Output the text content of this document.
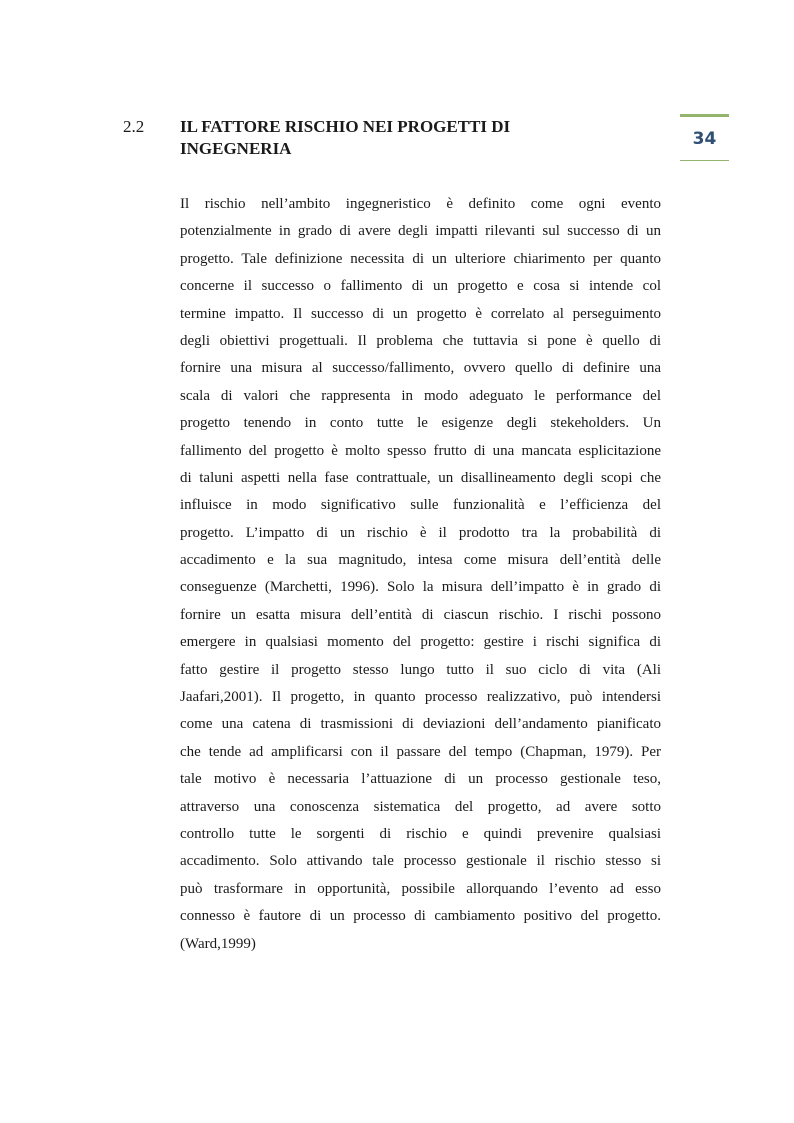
2.2 IL FATTORE RISCHIO NEI PROGETTI DI
INGEGNERIA	34
Il rischio nell’ambito ingegneristico è definito come ogni evento
potenzialmente in grado di avere degli impatti rilevanti sul successo di un
progetto. Tale definizione necessita di un ulteriore chiarimento per quanto
concerne il successo o fallimento di un progetto e cosa si intende col
termine impatto. Il successo di un progetto è correlato al perseguimento
degli obiettivi progettuali. Il problema che tuttavia si pone è quello di
fornire una misura al successo/fallimento, ovvero quello di definire una
scala di valori che rappresenta in modo adeguato le performance del
progetto tenendo in conto tutte le esigenze degli stekeholders. Un
fallimento del progetto è molto spesso frutto di una mancata esplicitazione
di taluni aspetti nella fase contrattuale, un disallineamento degli scopi che
influisce in modo significativo sulle funzionalità e l’efficienza del
progetto. L’impatto di un rischio è il prodotto tra la probabilità di
accadimento e la sua magnitudo, intesa come misura dell’entità delle
conseguenze (Marchetti, 1996). Solo la misura dell’impatto è in grado di
fornire un esatta misura dell’entità di ciascun rischio. I rischi possono
emergere in qualsiasi momento del progetto: gestire i rischi significa di
fatto gestire il progetto stesso lungo tutto il suo ciclo di vita (Ali
Jaafari,2001). Il progetto, in quanto processo realizzativo, può intendersi
come una catena di trasmissioni di deviazioni dell’andamento pianificato
che tende ad amplificarsi con il passare del tempo (Chapman, 1979). Per
tale motivo è necessaria l’attuazione di un processo gestionale teso,
attraverso una conoscenza sistematica del progetto, ad avere sotto
controllo tutte le sorgenti di rischio e quindi prevenire qualsiasi
accadimento. Solo attivando tale processo gestionale il rischio stesso si
può trasformare in opportunità, possibile allorquando l’evento ad esso
connesso è fautore di un processo di cambiamento positivo del progetto.
(Ward,1999)
